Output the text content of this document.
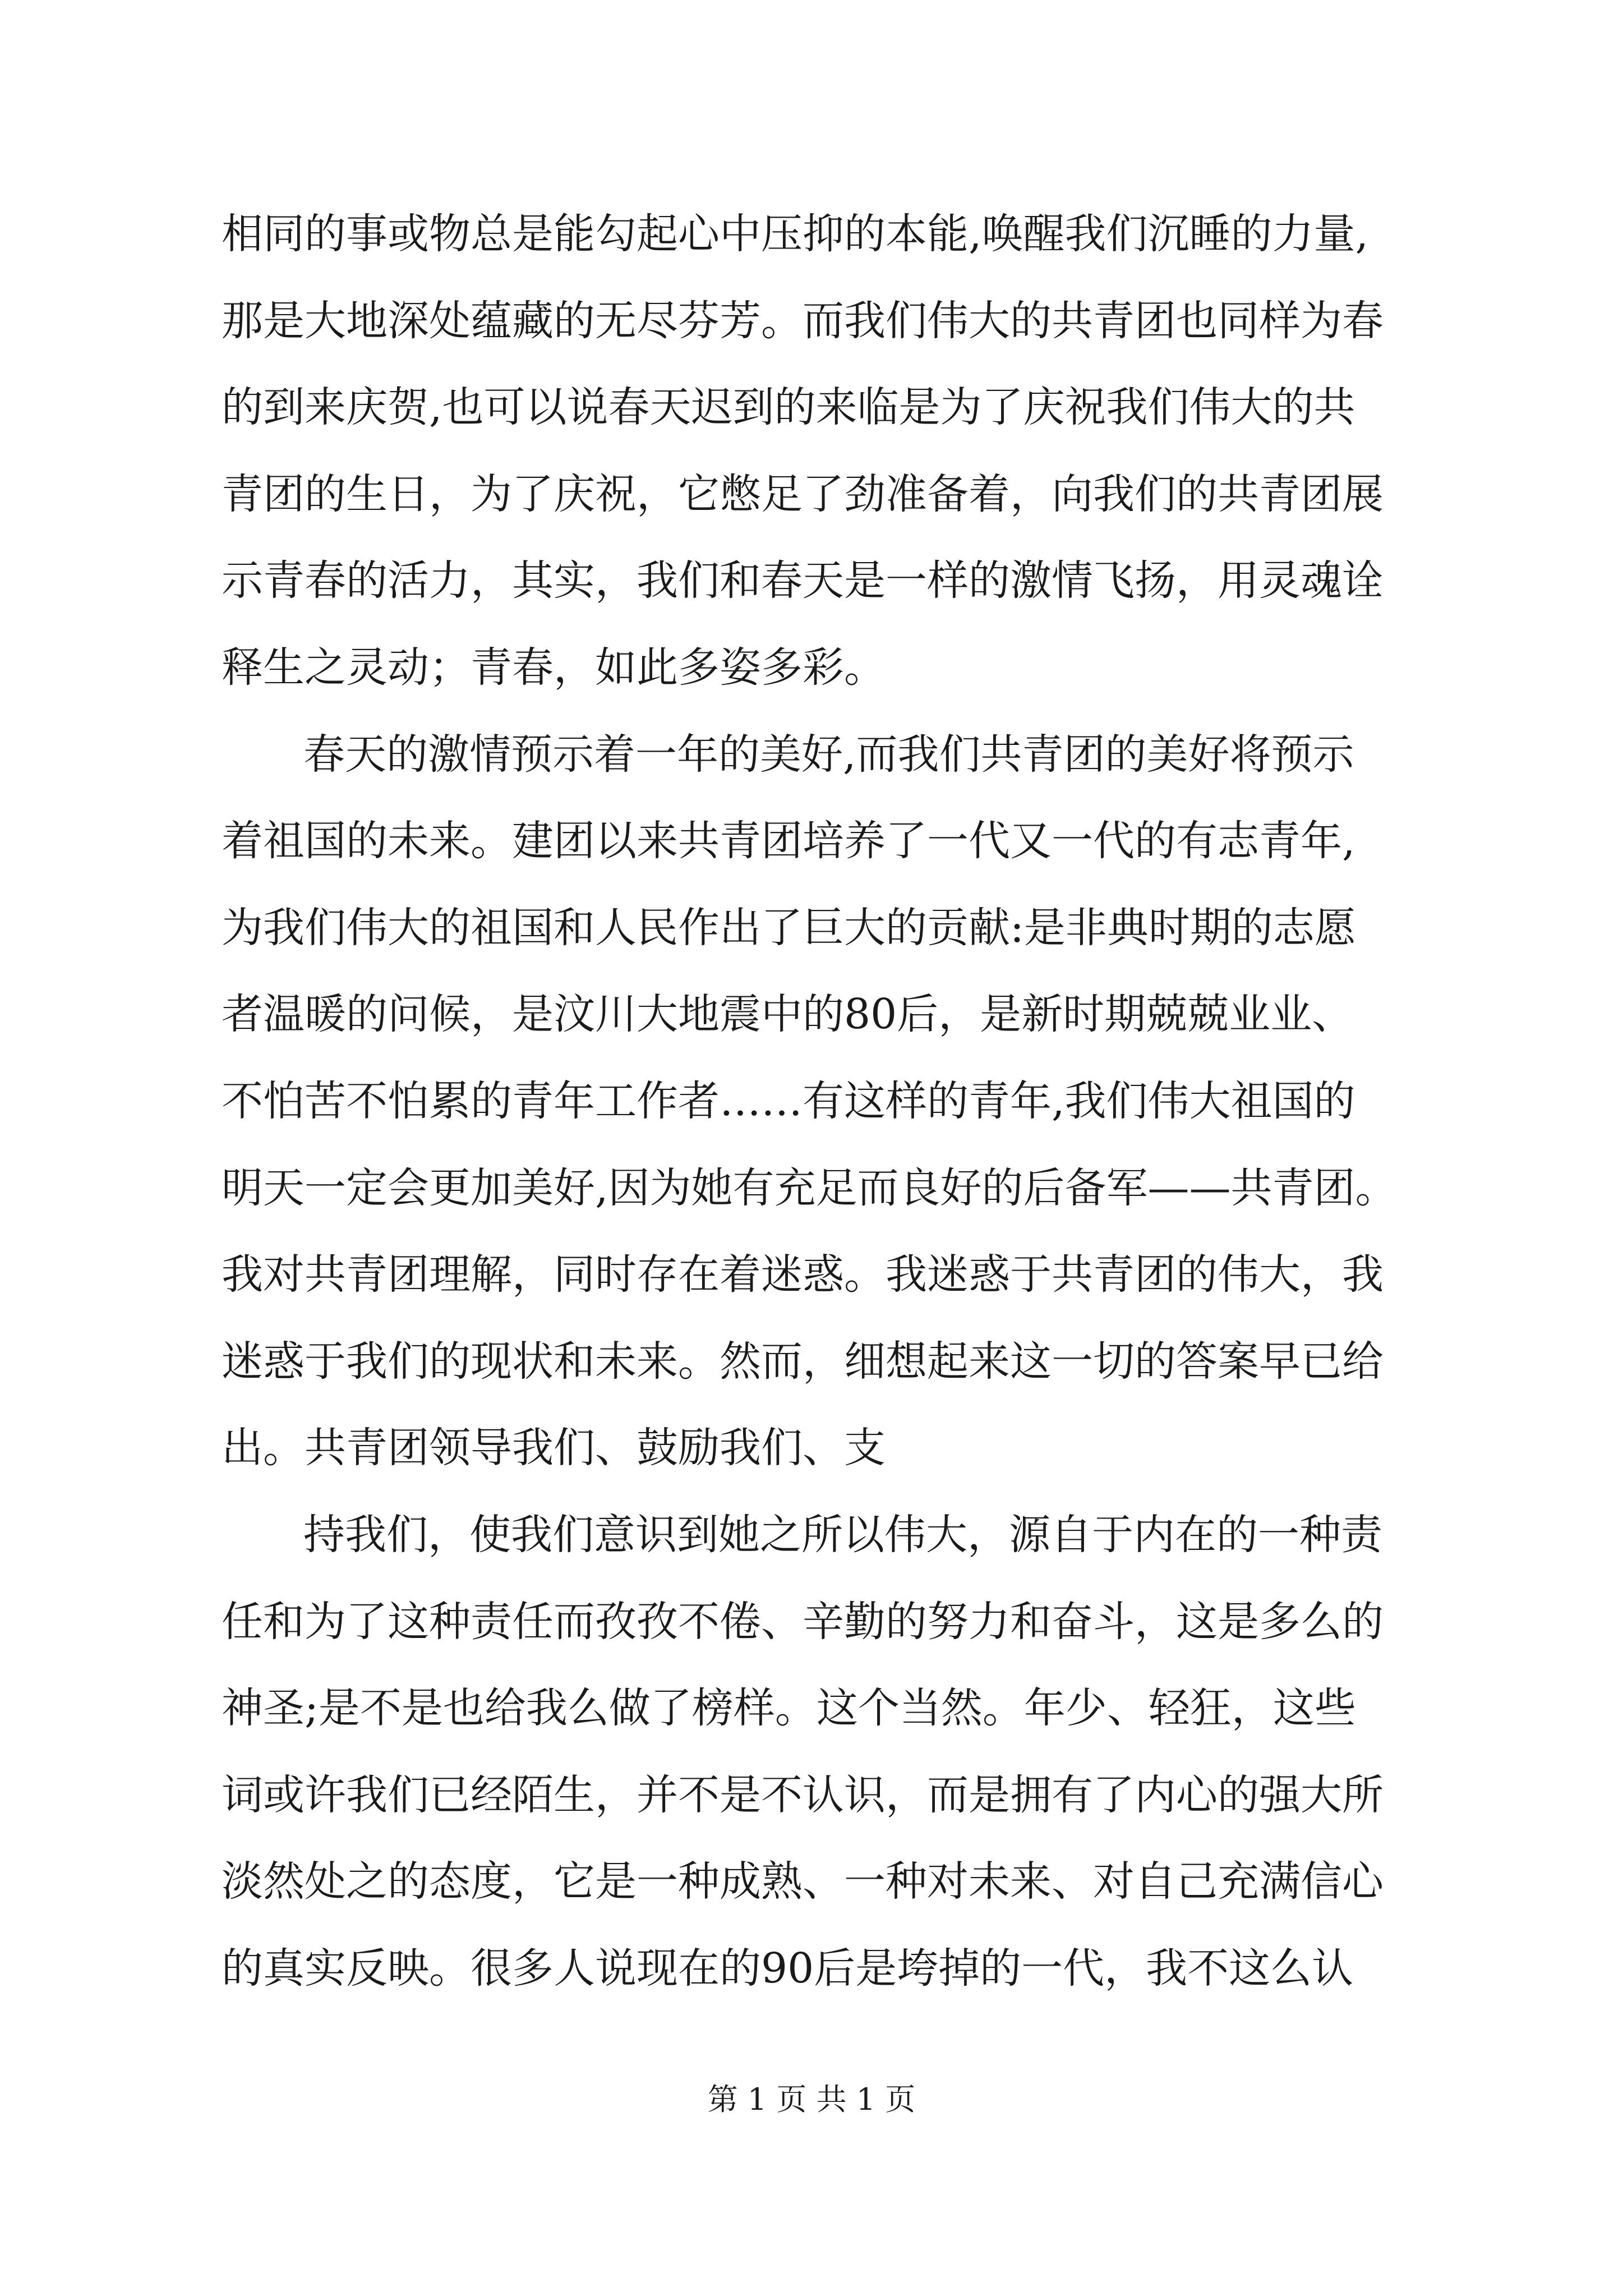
相同的事或物总是能勾起心中压抑的本能,唤醒我们沉睡的力量,
那是大地深处蕴藏的无尽芬芳。而我们伟大的共青团也同样为春
的到来庆贺,也可以说春天迟到的来临是为了庆祝我们伟大的共
青团的生日，为了庆祝，它憋足了劲准备着，向我们的共青团展
示青春的活力，其实，我们和春天是一样的激情飞扬，用灵魂诠
释生之灵动；青春，如此多姿多彩。
春天的激情预示着一年的美好,而我们共青团的美好将预示
着祖国的未来。建团以来共青团培养了一代又一代的有志青年,
为我们伟大的祖国和人民作出了巨大的贡献:是非典时期的志愿
者温暖的问候，是汶川大地震中的80后，是新时期兢兢业业、
不怕苦不怕累的青年工作者……有这样的青年,我们伟大祖国的
明天一定会更加美好,因为她有充足而良好的后备军——共青团。
我对共青团理解，同时存在着迷惑。我迷惑于共青团的伟大，我
迷惑于我们的现状和未来。然而，细想起来这一切的答案早已给
出。共青团领导我们、鼓励我们、支
持我们，使我们意识到她之所以伟大，源自于内在的一种责
任和为了这种责任而孜孜不倦、辛勤的努力和奋斗，这是多么的
神圣;是不是也给我么做了榜样。这个当然。年少、轻狂，这些
词或许我们已经陌生，并不是不认识，而是拥有了内心的强大所
淡然处之的态度，它是一种成熟、一种对未来、对自己充满信心
的真实反映。很多人说现在的90后是垮掉的一代，我不这么认
第 1 页 共 1 页
